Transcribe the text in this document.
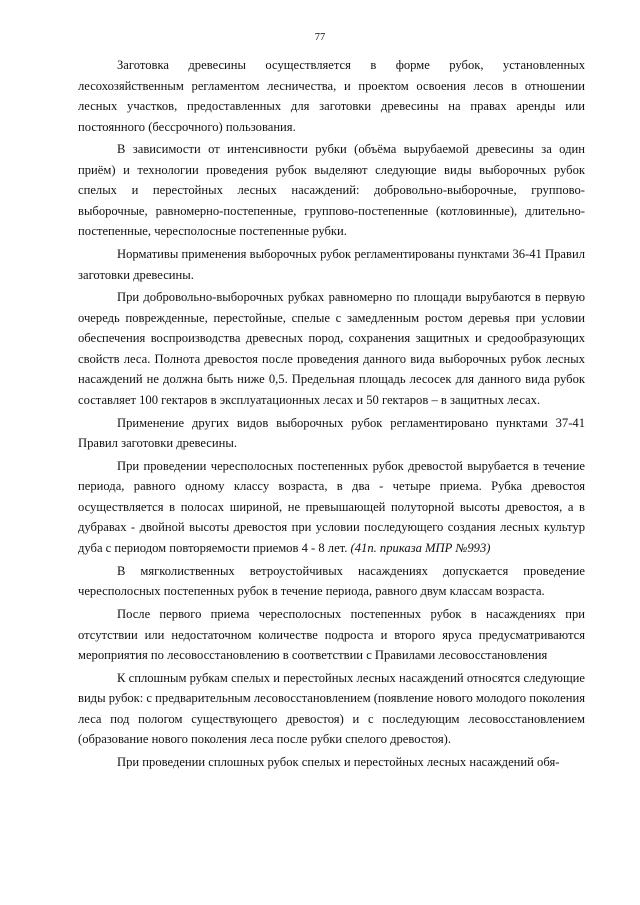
77

Заготовка древесины осуществляется в форме рубок, установленных лесохозяйственным регламентом лесничества, и проектом освоения лесов в отношении лесных участков, предоставленных для заготовки древесины на правах аренды или постоянного (бессрочного) пользования.

В зависимости от интенсивности рубки (объёма вырубаемой древесины за один приём) и технологии проведения рубок выделяют следующие виды выборочных рубок спелых и перестойных лесных насаждений: добровольно-выборочные, группово-выборочные, равномерно-постепенные, группово-постепенные (котловинные), длительно-постепенные, чересполосные постепенные рубки.

Нормативы применения выборочных рубок регламентированы пунктами 36-41 Правил заготовки древесины.

При добровольно-выборочных рубках равномерно по площади вырубаются в первую очередь поврежденные, перестойные, спелые с замедленным ростом деревья при условии обеспечения воспроизводства древесных пород, сохранения защитных и средообразующих свойств леса. Полнота древостоя после проведения данного вида выборочных рубок лесных насаждений не должна быть ниже 0,5. Предельная площадь лесосек для данного вида рубок составляет 100 гектаров в эксплуатационных лесах и 50 гектаров – в защитных лесах.

Применение других видов выборочных рубок регламентировано пунктами 37-41 Правил заготовки древесины.

При проведении чересполосных постепенных рубок древостой вырубается в течение периода, равного одному классу возраста, в два - четыре приема. Рубка древостоя осуществляется в полосах шириной, не превышающей полуторной высоты древостоя, а в дубравах - двойной высоты древостоя при условии последующего создания лесных культур дуба с периодом повторяемости приемов 4 - 8 лет. (41п. приказа МПР №993)

В мягколиственных ветроустойчивых насаждениях допускается проведение чересполосных постепенных рубок в течение периода, равного двум классам возраста.

После первого приема чересполосных постепенных рубок в насаждениях при отсутствии или недостаточном количестве подроста и второго яруса предусматриваются мероприятия по лесовосстановлению в соответствии с Правилами лесовосстановления

К сплошным рубкам спелых и перестойных лесных насаждений относятся следующие виды рубок: с предварительным лесовосстановлением (появление нового молодого поколения леса под пологом существующего древостоя) и с последующим лесовосстановлением (образование нового поколения леса после рубки спелого древостоя).

При проведении сплошных рубок спелых и перестойных лесных насаждений обя-
